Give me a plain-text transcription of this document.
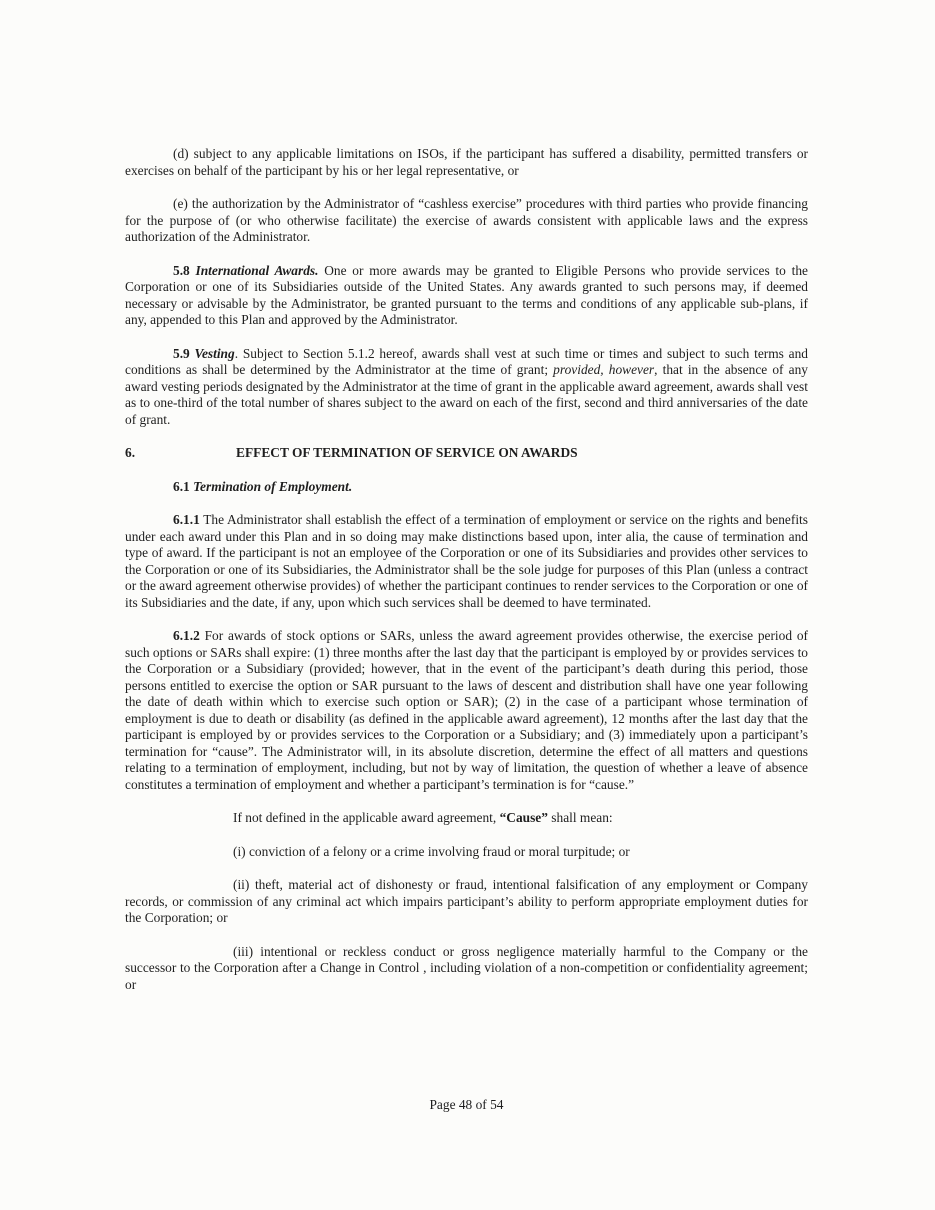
(d) subject to any applicable limitations on ISOs, if the participant has suffered a disability, permitted transfers or exercises on behalf of the participant by his or her legal representative, or

(e) the authorization by the Administrator of “cashless exercise” procedures with third parties who provide financing for the purpose of (or who otherwise facilitate) the exercise of awards consistent with applicable laws and the express authorization of the Administrator.

5.8 International Awards. One or more awards may be granted to Eligible Persons who provide services to the Corporation or one of its Subsidiaries outside of the United States. Any awards granted to such persons may, if deemed necessary or advisable by the Administrator, be granted pursuant to the terms and conditions of any applicable sub-plans, if any, appended to this Plan and approved by the Administrator.

5.9 Vesting. Subject to Section 5.1.2 hereof, awards shall vest at such time or times and subject to such terms and conditions as shall be determined by the Administrator at the time of grant; provided, however, that in the absence of any award vesting periods designated by the Administrator at the time of grant in the applicable award agreement, awards shall vest as to one-third of the total number of shares subject to the award on each of the first, second and third anniversaries of the date of grant.

6.	EFFECT OF TERMINATION OF SERVICE ON AWARDS

6.1 Termination of Employment.

6.1.1 The Administrator shall establish the effect of a termination of employment or service on the rights and benefits under each award under this Plan and in so doing may make distinctions based upon, inter alia, the cause of termination and type of award. If the participant is not an employee of the Corporation or one of its Subsidiaries and provides other services to the Corporation or one of its Subsidiaries, the Administrator shall be the sole judge for purposes of this Plan (unless a contract or the award agreement otherwise provides) of whether the participant continues to render services to the Corporation or one of its Subsidiaries and the date, if any, upon which such services shall be deemed to have terminated.

6.1.2 For awards of stock options or SARs, unless the award agreement provides otherwise, the exercise period of such options or SARs shall expire: (1) three months after the last day that the participant is employed by or provides services to the Corporation or a Subsidiary (provided; however, that in the event of the participant’s death during this period, those persons entitled to exercise the option or SAR pursuant to the laws of descent and distribution shall have one year following the date of death within which to exercise such option or SAR); (2) in the case of a participant whose termination of employment is due to death or disability (as defined in the applicable award agreement), 12 months after the last day that the participant is employed by or provides services to the Corporation or a Subsidiary; and (3) immediately upon a participant’s termination for “cause”. The Administrator will, in its absolute discretion, determine the effect of all matters and questions relating to a termination of employment, including, but not by way of limitation, the question of whether a leave of absence constitutes a termination of employment and whether a participant’s termination is for “cause.”

If not defined in the applicable award agreement, “Cause” shall mean:

(i) conviction of a felony or a crime involving fraud or moral turpitude; or

(ii) theft, material act of dishonesty or fraud, intentional falsification of any employment or Company records, or commission of any criminal act which impairs participant’s ability to perform appropriate employment duties for the Corporation; or

(iii) intentional or reckless conduct or gross negligence materially harmful to the Company or the successor to the Corporation after a Change in Control , including violation of a non-competition or confidentiality agreement; or

Page 48 of 54
